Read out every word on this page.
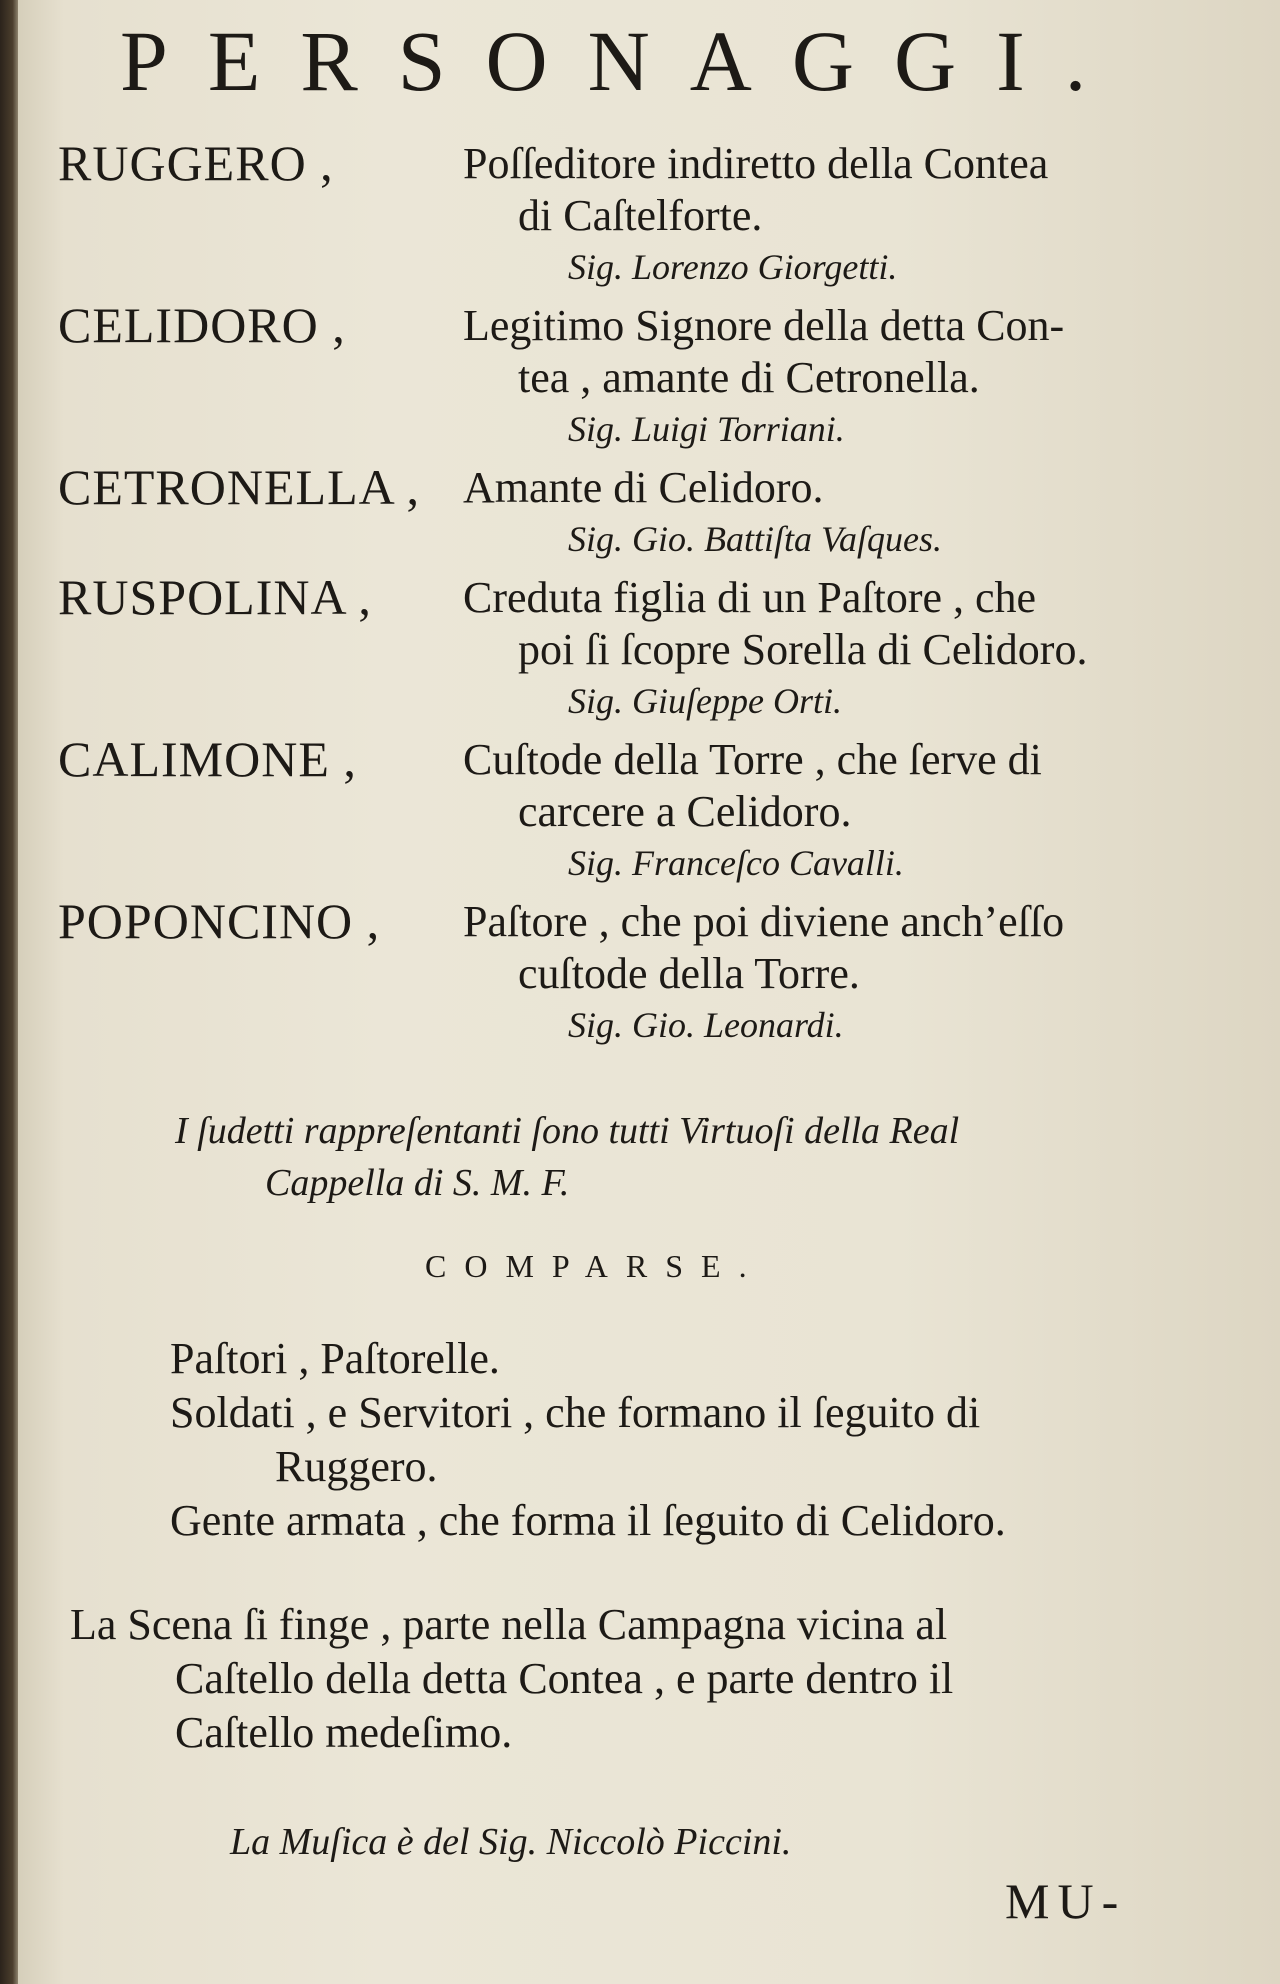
PERSONAGGI.
RUGGERO ,	Poſſeditore indiretto della Contea
di Caſtelforte.
Sig. Lorenzo Giorgetti.
CELIDORO ,	Legitimo Signore della detta Con-
tea , amante di Cetronella.
Sig. Luigi Torriani.
CETRONELLA , Amante di Celidoro.
Sig. Gio. Battiſta Vaſques.
RUSPOLINA ,	Creduta figlia di un Paſtore , che
poi ſi ſcopre Sorella di Celidoro.
Sig. Giuſeppe Orti.
CALIMONE ,	Cuſtode della Torre , che ſerve di
carcere a Celidoro.
Sig. Franceſco Cavalli.
POPONCINO ,	Paſtore , che poi diviene anch’eſſo
cuſtode della Torre.
Sig. Gio. Leonardi.
I ſudetti rappreſentanti ſono tutti Virtuoſi della Real
Cappella di S. M. F.
COMPARSE.
Paſtori , Paſtorelle.
Soldati , e Servitori , che formano il ſeguito di
Ruggero.
Gente armata , che forma il ſeguito di Celidoro.
La Scena ſi finge , parte nella Campagna vicina al
Caſtello della detta Contea , e parte dentro il
Caſtello medeſimo.
La Muſica è del Sig. Niccolò Piccini.
MU-
